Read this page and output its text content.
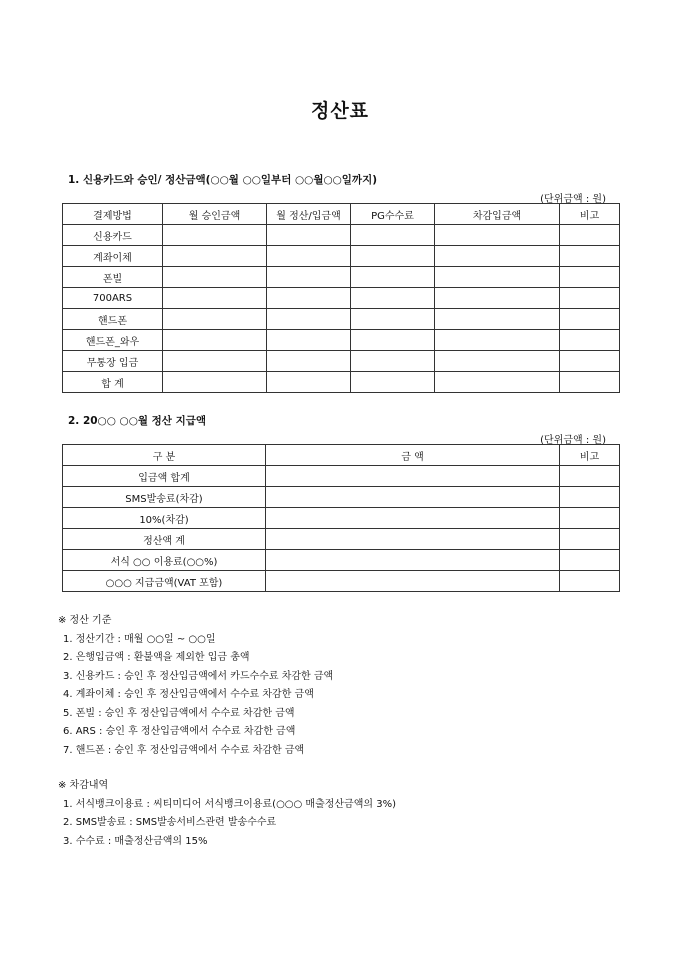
정산표
1. 신용카드와 승인/ 정산금액(○○월 ○○일부터 ○○월○○일까지)
(단위금액 : 원)
결제방법	월 승인금액	월 정산/입금액	PG수수료	차감입금액	비고
신용카드					
계좌이체					
폰빌					
700ARS					
핸드폰					
핸드폰_와우					
무통장 입금					
합 계					
2. 20○○ ○○월 정산 지급액
(단위금액 : 원)
구 분	금 액	비고
입금액 합계		
SMS발송료(차감)		
10%(차감)		
정산액 계		
서식 ○○ 이용료(○○%)		
○○○ 지급금액(VAT 포함)		
※ 정산 기준
1. 정산기간 : 매월 ○○일 ~ ○○일
2. 은행입금액 : 환불액을 제외한 입금 총액
3. 신용카드 : 승인 후 정산입금액에서 카드수수료 차감한 금액
4. 계좌이체 : 승인 후 정산입금액에서 수수료 차감한 금액
5. 폰빌 : 승인 후 정산입금액에서 수수료 차감한 금액
6. ARS : 승인 후 정산입금액에서 수수료 차감한 금액
7. 핸드폰 : 승인 후 정산입금액에서 수수료 차감한 금액
※ 차감내역
1. 서식뱅크이용료 : 씨티미디어 서식뱅크이용료(○○○ 매출정산금액의 3%)
2. SMS발송료 : SMS발송서비스관련 발송수수료
3. 수수료 : 매출정산금액의 15%
